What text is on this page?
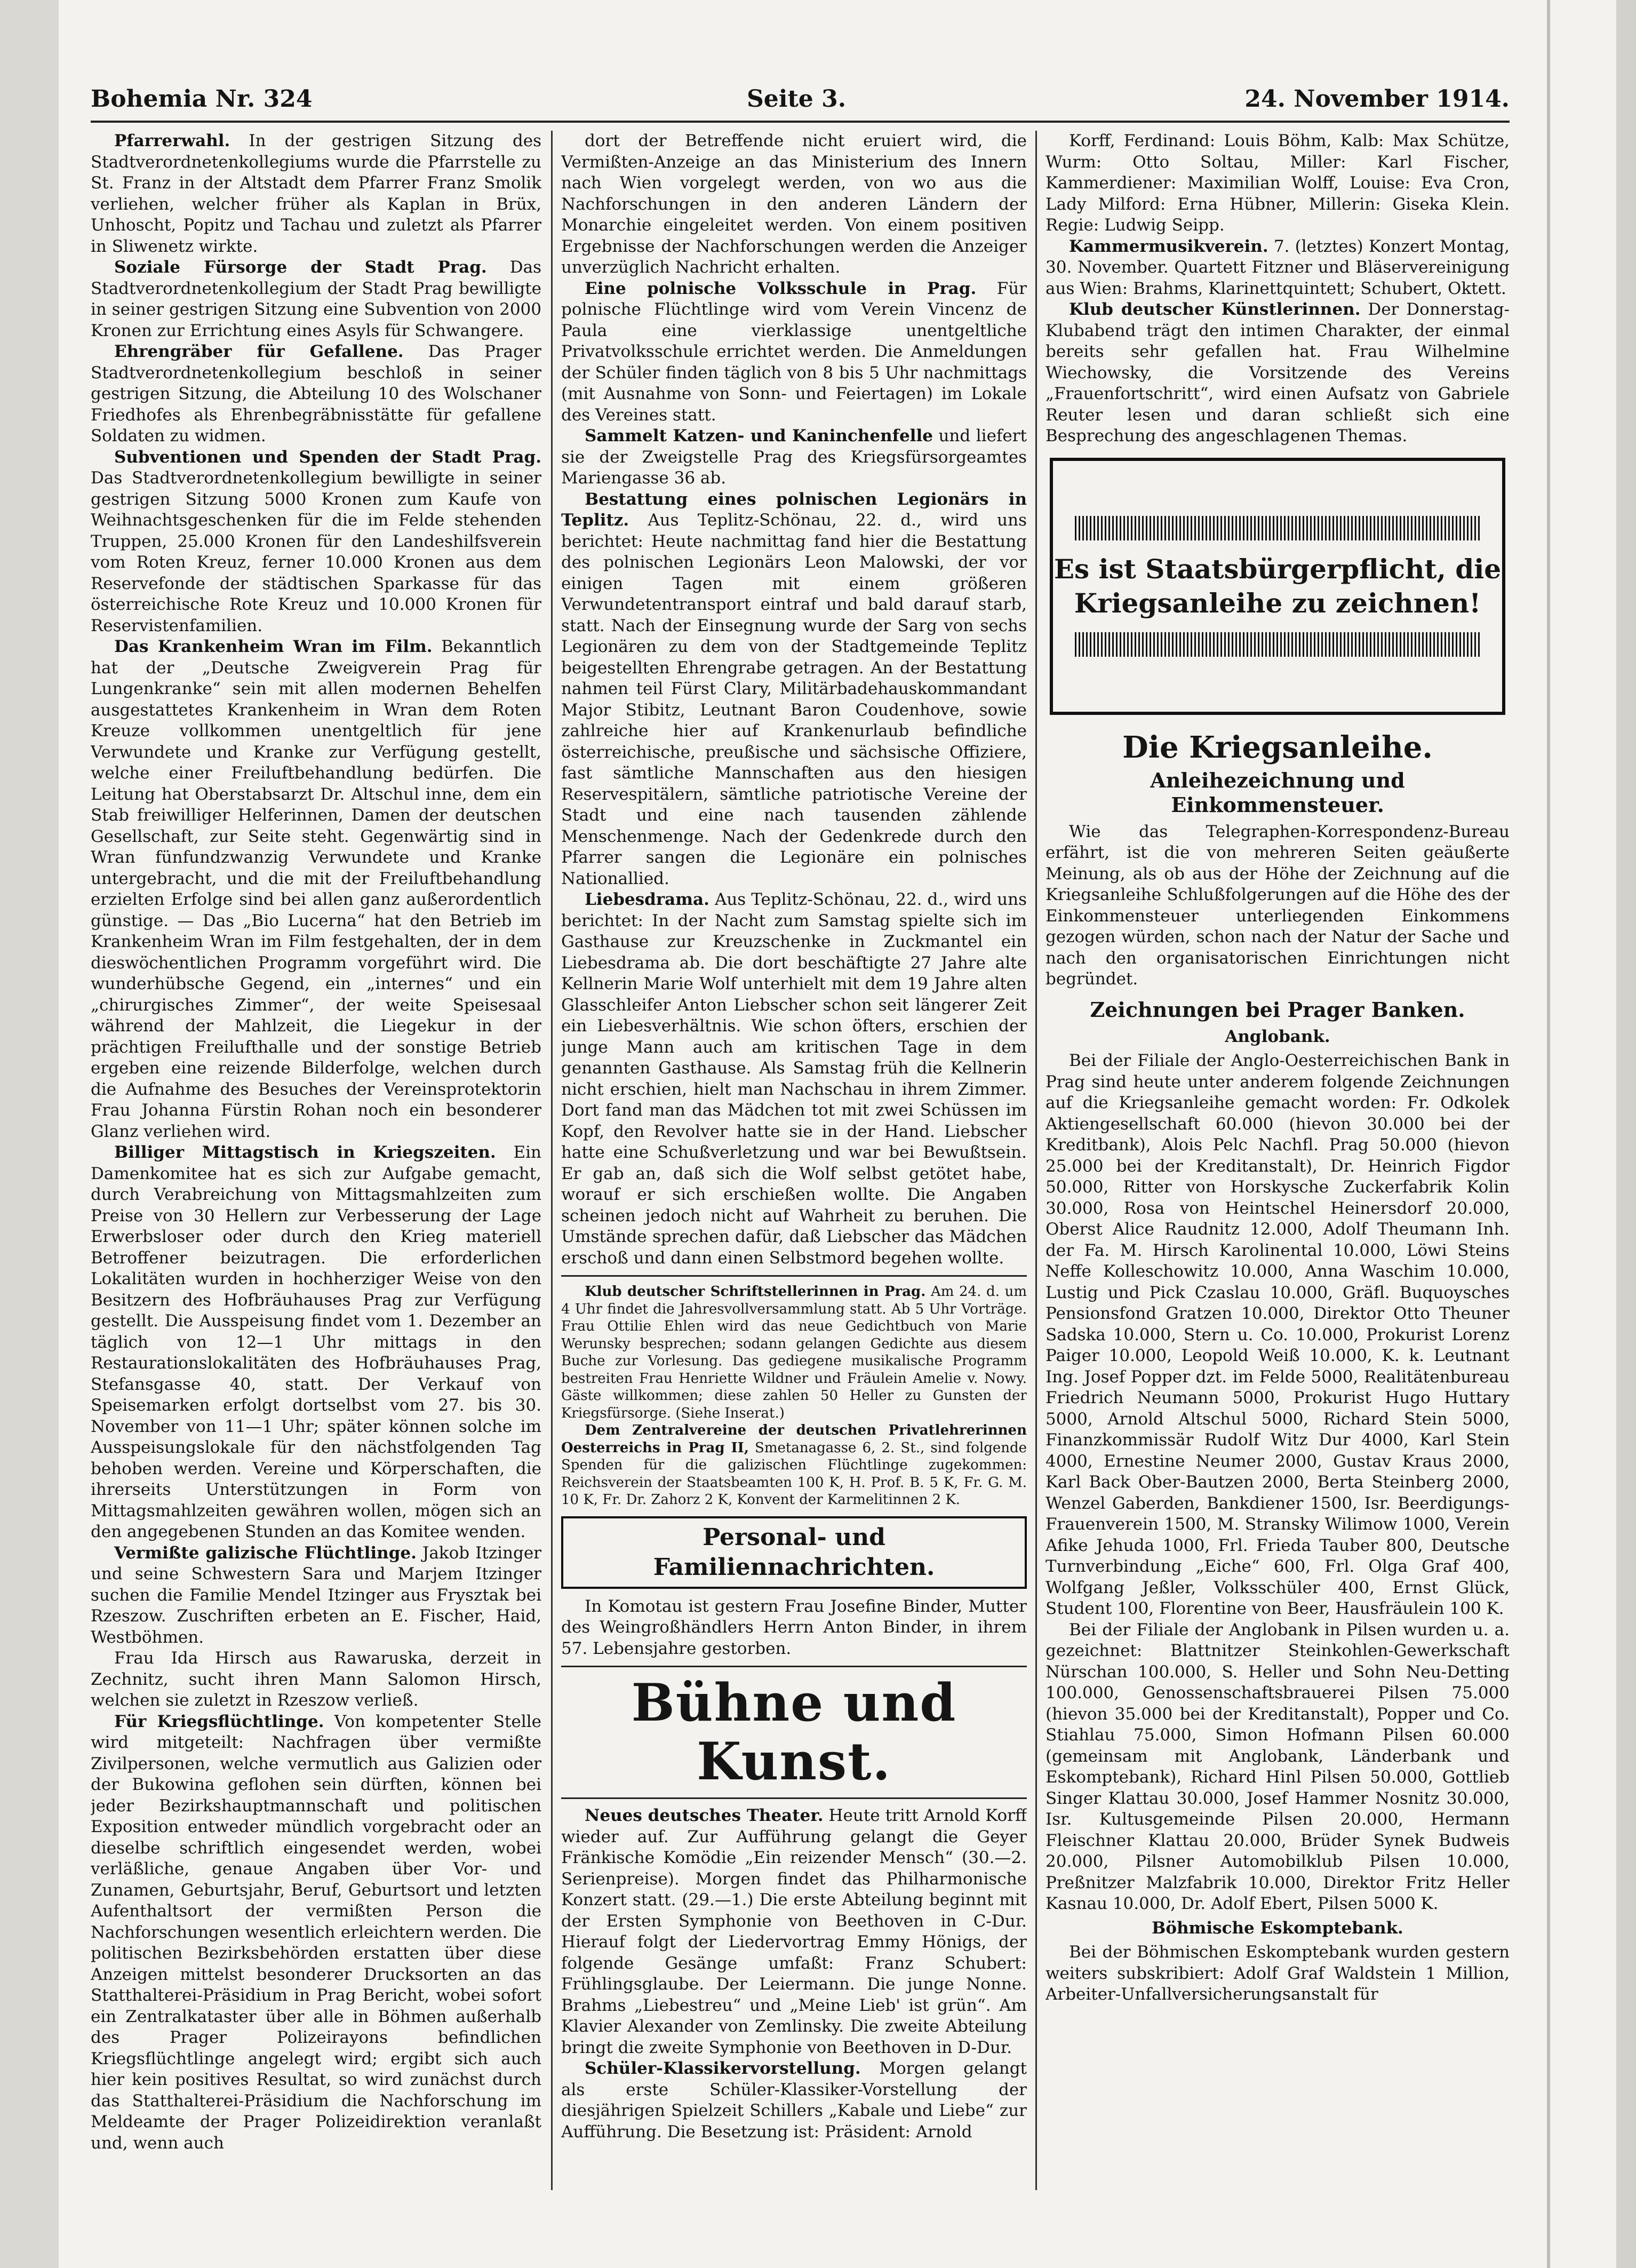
Bohemia Nr. 324	Seite 3.	24. November 1914.

Pfarrerwahl. In der gestrigen Sitzung des Stadtverordnetenkollegiums wurde die Pfarrstelle zu St. Franz in der Altstadt dem Pfarrer Franz Smolik verliehen, welcher früher als Kaplan in Brüx, Unhoscht, Popitz und Tachau und zuletzt als Pfarrer in Sliwenetz wirkte.

Soziale Fürsorge der Stadt Prag. Das Stadtverordnetenkollegium der Stadt Prag bewilligte in seiner gestrigen Sitzung eine Subvention von 2000 Kronen zur Errichtung eines Asyls für Schwangere.

Ehrengräber für Gefallene. Das Prager Stadtverordnetenkollegium beschloß in seiner gestrigen Sitzung, die Abteilung 10 des Wolschaner Friedhofes als Ehrenbegräbnisstätte für gefallene Soldaten zu widmen.

Subventionen und Spenden der Stadt Prag. Das Stadtverordnetenkollegium bewilligte in seiner gestrigen Sitzung 5000 Kronen zum Kaufe von Weihnachtsgeschenken für die im Felde stehenden Truppen, 25.000 Kronen für den Landeshilfsverein vom Roten Kreuz, ferner 10.000 Kronen aus dem Reservefonde der städtischen Sparkasse für das österreichische Rote Kreuz und 10.000 Kronen für Reservistenfamilien.

Das Krankenheim Wran im Film. Bekanntlich hat der „Deutsche Zweigverein Prag für Lungenkranke“ sein mit allen modernen Behelfen ausgestattetes Krankenheim in Wran dem Roten Kreuze vollkommen unentgeltlich für jene Verwundete und Kranke zur Verfügung gestellt, welche einer Freiluftbehandlung bedürfen. Die Leitung hat Oberstabsarzt Dr. Altschul inne, dem ein Stab freiwilliger Helferinnen, Damen der deutschen Gesellschaft, zur Seite steht. Gegenwärtig sind in Wran fünfundzwanzig Verwundete und Kranke untergebracht, und die mit der Freiluftbehandlung erzielten Erfolge sind bei allen ganz außerordentlich günstige. — Das „Bio Lucerna“ hat den Betrieb im Krankenheim Wran im Film festgehalten, der in dem dieswöchentlichen Programm vorgeführt wird. Die wunderhübsche Gegend, ein „internes“ und ein „chirurgisches Zimmer“, der weite Speisesaal während der Mahlzeit, die Liegekur in der prächtigen Freilufthalle und der sonstige Betrieb ergeben eine reizende Bilderfolge, welchen durch die Aufnahme des Besuches der Vereinsprotektorin Frau Johanna Fürstin Rohan noch ein besonderer Glanz verliehen wird.

Billiger Mittagstisch in Kriegszeiten. Ein Damenkomitee hat es sich zur Aufgabe gemacht, durch Verabreichung von Mittagsmahlzeiten zum Preise von 30 Hellern zur Verbesserung der Lage Erwerbsloser oder durch den Krieg materiell Betroffener beizutragen. Die erforderlichen Lokalitäten wurden in hochherziger Weise von den Besitzern des Hofbräuhauses Prag zur Verfügung gestellt. Die Ausspeisung findet vom 1. Dezember an täglich von 12—1 Uhr mittags in den Restaurationslokalitäten des Hofbräuhauses Prag, Stefansgasse 40, statt. Der Verkauf von Speisemarken erfolgt dortselbst vom 27. bis 30. November von 11—1 Uhr; später können solche im Ausspeisungslokale für den nächstfolgenden Tag behoben werden. Vereine und Körperschaften, die ihrerseits Unterstützungen in Form von Mittagsmahlzeiten gewähren wollen, mögen sich an den angegebenen Stunden an das Komitee wenden.

Vermißte galizische Flüchtlinge. Jakob Itzinger und seine Schwestern Sara und Marjem Itzinger suchen die Familie Mendel Itzinger aus Frysztak bei Rzeszow. Zuschriften erbeten an E. Fischer, Haid, Westböhmen.

Frau Ida Hirsch aus Rawaruska, derzeit in Zechnitz, sucht ihren Mann Salomon Hirsch, welchen sie zuletzt in Rzeszow verließ.

Für Kriegsflüchtlinge. Von kompetenter Stelle wird mitgeteilt: Nachfragen über vermißte Zivilpersonen, welche vermutlich aus Galizien oder der Bukowina geflohen sein dürften, können bei jeder Bezirkshauptmannschaft und politischen Exposition entweder mündlich vorgebracht oder an dieselbe schriftlich eingesendet werden, wobei verläßliche, genaue Angaben über Vor- und Zunamen, Geburtsjahr, Beruf, Geburtsort und letzten Aufenthaltsort der vermißten Person die Nachforschungen wesentlich erleichtern werden. Die politischen Bezirksbehörden erstatten über diese Anzeigen mittelst besonderer Drucksorten an das Statthalterei-Präsidium in Prag Bericht, wobei sofort ein Zentralkataster über alle in Böhmen außerhalb des Prager Polizeirayons befindlichen Kriegsflüchtlinge angelegt wird; ergibt sich auch hier kein positives Resultat, so wird zunächst durch das Statthalterei-Präsidium die Nachforschung im Meldeamte der Prager Polizeidirektion veranlaßt und, wenn auch

dort der Betreffende nicht eruiert wird, die Vermißten-Anzeige an das Ministerium des Innern nach Wien vorgelegt werden, von wo aus die Nachforschungen in den anderen Ländern der Monarchie eingeleitet werden. Von einem positiven Ergebnisse der Nachforschungen werden die Anzeiger unverzüglich Nachricht erhalten.

Eine polnische Volksschule in Prag. Für polnische Flüchtlinge wird vom Verein Vincenz de Paula eine vierklassige unentgeltliche Privatvolksschule errichtet werden. Die Anmeldungen der Schüler finden täglich von 8 bis 5 Uhr nachmittags (mit Ausnahme von Sonn- und Feiertagen) im Lokale des Vereines statt.

Sammelt Katzen- und Kaninchenfelle und liefert sie der Zweigstelle Prag des Kriegsfürsorgeamtes Mariengasse 36 ab.

Bestattung eines polnischen Legionärs in Teplitz. Aus Teplitz-Schönau, 22. d., wird uns berichtet: Heute nachmittag fand hier die Bestattung des polnischen Legionärs Leon Malowski, der vor einigen Tagen mit einem größeren Verwundetentransport eintraf und bald darauf starb, statt. Nach der Einsegnung wurde der Sarg von sechs Legionären zu dem von der Stadtgemeinde Teplitz beigestellten Ehrengrabe getragen. An der Bestattung nahmen teil Fürst Clary, Militärbadehauskommandant Major Stibitz, Leutnant Baron Coudenhove, sowie zahlreiche hier auf Krankenurlaub befindliche österreichische, preußische und sächsische Offiziere, fast sämtliche Mannschaften aus den hiesigen Reservespitälern, sämtliche patriotische Vereine der Stadt und eine nach tausenden zählende Menschenmenge. Nach der Gedenkrede durch den Pfarrer sangen die Legionäre ein polnisches Nationallied.

Liebesdrama. Aus Teplitz-Schönau, 22. d., wird uns berichtet: In der Nacht zum Samstag spielte sich im Gasthause zur Kreuzschenke in Zuckmantel ein Liebesdrama ab. Die dort beschäftigte 27 Jahre alte Kellnerin Marie Wolf unterhielt mit dem 19 Jahre alten Glasschleifer Anton Liebscher schon seit längerer Zeit ein Liebesverhältnis. Wie schon öfters, erschien der junge Mann auch am kritischen Tage in dem genannten Gasthause. Als Samstag früh die Kellnerin nicht erschien, hielt man Nachschau in ihrem Zimmer. Dort fand man das Mädchen tot mit zwei Schüssen im Kopf, den Revolver hatte sie in der Hand. Liebscher hatte eine Schußverletzung und war bei Bewußtsein. Er gab an, daß sich die Wolf selbst getötet habe, worauf er sich erschießen wollte. Die Angaben scheinen jedoch nicht auf Wahrheit zu beruhen. Die Umstände sprechen dafür, daß Liebscher das Mädchen erschoß und dann einen Selbstmord begehen wollte.

Klub deutscher Schriftstellerinnen in Prag. Am 24. d. um 4 Uhr findet die Jahresvollversammlung statt. Ab 5 Uhr Vorträge. Frau Ottilie Ehlen wird das neue Gedichtbuch von Marie Werunsky besprechen; sodann gelangen Gedichte aus diesem Buche zur Vorlesung. Das gediegene musikalische Programm bestreiten Frau Henriette Wildner und Fräulein Amelie v. Nowy. Gäste willkommen; diese zahlen 50 Heller zu Gunsten der Kriegsfürsorge. (Siehe Inserat.)

Dem Zentralvereine der deutschen Privatlehrerinnen Oesterreichs in Prag II, Smetanagasse 6, 2. St., sind folgende Spenden für die galizischen Flüchtlinge zugekommen: Reichsverein der Staatsbeamten 100 K, H. Prof. B. 5 K, Fr. G. M. 10 K, Fr. Dr. Zahorz 2 K, Konvent der Karmelitinnen 2 K.

Personal- und Familiennachrichten.

In Komotau ist gestern Frau Josefine Binder, Mutter des Weingroßhändlers Herrn Anton Binder, in ihrem 57. Lebensjahre gestorben.

Bühne und Kunst.

Neues deutsches Theater. Heute tritt Arnold Korff wieder auf. Zur Aufführung gelangt die Geyer Fränkische Komödie „Ein reizender Mensch“ (30.—2. Serienpreise). Morgen findet das Philharmonische Konzert statt. (29.—1.) Die erste Abteilung beginnt mit der Ersten Symphonie von Beethoven in C-Dur. Hierauf folgt der Liedervortrag Emmy Hönigs, der folgende Gesänge umfaßt: Franz Schubert: Frühlingsglaube. Der Leiermann. Die junge Nonne. Brahms „Liebestreu“ und „Meine Lieb' ist grün“. Am Klavier Alexander von Zemlinsky. Die zweite Abteilung bringt die zweite Symphonie von Beethoven in D-Dur.

Schüler-Klassikervorstellung. Morgen gelangt als erste Schüler-Klassiker-Vorstellung der diesjährigen Spielzeit Schillers „Kabale und Liebe“ zur Aufführung. Die Besetzung ist: Präsident: Arnold

Korff, Ferdinand: Louis Böhm, Kalb: Max Schütze, Wurm: Otto Soltau, Miller: Karl Fischer, Kammerdiener: Maximilian Wolff, Louise: Eva Cron, Lady Milford: Erna Hübner, Millerin: Giseka Klein. Regie: Ludwig Seipp.

Kammermusikverein. 7. (letztes) Konzert Montag, 30. November. Quartett Fitzner und Bläservereinigung aus Wien: Brahms, Klarinettquintett; Schubert, Oktett.

Klub deutscher Künstlerinnen. Der Donnerstag-Klubabend trägt den intimen Charakter, der einmal bereits sehr gefallen hat. Frau Wilhelmine Wiechowsky, die Vorsitzende des Vereins „Frauenfortschritt“, wird einen Aufsatz von Gabriele Reuter lesen und daran schließt sich eine Besprechung des angeschlagenen Themas.

Es ist Staatsbürgerpflicht, die Kriegsanleihe zu zeichnen!
Die Kriegsanleihe.
Anleihezeichnung und Einkommensteuer.

Wie das Telegraphen-Korrespondenz-Bureau erfährt, ist die von mehreren Seiten geäußerte Meinung, als ob aus der Höhe der Zeichnung auf die Kriegsanleihe Schlußfolgerungen auf die Höhe des der Einkommensteuer unterliegenden Einkommens gezogen würden, schon nach der Natur der Sache und nach den organisatorischen Einrichtungen nicht begründet.

Zeichnungen bei Prager Banken.
Anglobank.

Bei der Filiale der Anglo-Oesterreichischen Bank in Prag sind heute unter anderem folgende Zeichnungen auf die Kriegsanleihe gemacht worden: Fr. Odkolek Aktiengesellschaft 60.000 (hievon 30.000 bei der Kreditbank), Alois Pelc Nachfl. Prag 50.000 (hievon 25.000 bei der Kreditanstalt), Dr. Heinrich Figdor 50.000, Ritter von Horskysche Zuckerfabrik Kolin 30.000, Rosa von Heintschel Heinersdorf 20.000, Oberst Alice Raudnitz 12.000, Adolf Theumann Inh. der Fa. M. Hirsch Karolinental 10.000, Löwi Steins Neffe Kolleschowitz 10.000, Anna Waschim 10.000, Lustig und Pick Czaslau 10.000, Gräfl. Buquoysches Pensionsfond Gratzen 10.000, Direktor Otto Theuner Sadska 10.000, Stern u. Co. 10.000, Prokurist Lorenz Paiger 10.000, Leopold Weiß 10.000, K. k. Leutnant Ing. Josef Popper dzt. im Felde 5000, Realitätenbureau Friedrich Neumann 5000, Prokurist Hugo Huttary 5000, Arnold Altschul 5000, Richard Stein 5000, Finanzkommissär Rudolf Witz Dur 4000, Karl Stein 4000, Ernestine Neumer 2000, Gustav Kraus 2000, Karl Back Ober-Bautzen 2000, Berta Steinberg 2000, Wenzel Gaberden, Bankdiener 1500, Isr. Beerdigungs-Frauenverein 1500, M. Stransky Wilimow 1000, Verein Afike Jehuda 1000, Frl. Frieda Tauber 800, Deutsche Turnverbindung „Eiche“ 600, Frl. Olga Graf 400, Wolfgang Jeßler, Volksschüler 400, Ernst Glück, Student 100, Florentine von Beer, Hausfräulein 100 K.

Bei der Filiale der Anglobank in Pilsen wurden u. a. gezeichnet: Blattnitzer Steinkohlen-Gewerkschaft Nürschan 100.000, S. Heller und Sohn Neu-Detting 100.000, Genossenschaftsbrauerei Pilsen 75.000 (hievon 35.000 bei der Kreditanstalt), Popper und Co. Stiahlau 75.000, Simon Hofmann Pilsen 60.000 (gemeinsam mit Anglobank, Länderbank und Eskomptebank), Richard Hinl Pilsen 50.000, Gottlieb Singer Klattau 30.000, Josef Hammer Nosnitz 30.000, Isr. Kultusgemeinde Pilsen 20.000, Hermann Fleischner Klattau 20.000, Brüder Synek Budweis 20.000, Pilsner Automobilklub Pilsen 10.000, Preßnitzer Malzfabrik 10.000, Direktor Fritz Heller Kasnau 10.000, Dr. Adolf Ebert, Pilsen 5000 K.

Böhmische Eskomptebank.

Bei der Böhmischen Eskomptebank wurden gestern weiters subskribiert: Adolf Graf Waldstein 1 Million, Arbeiter-Unfallversicherungsanstalt für
